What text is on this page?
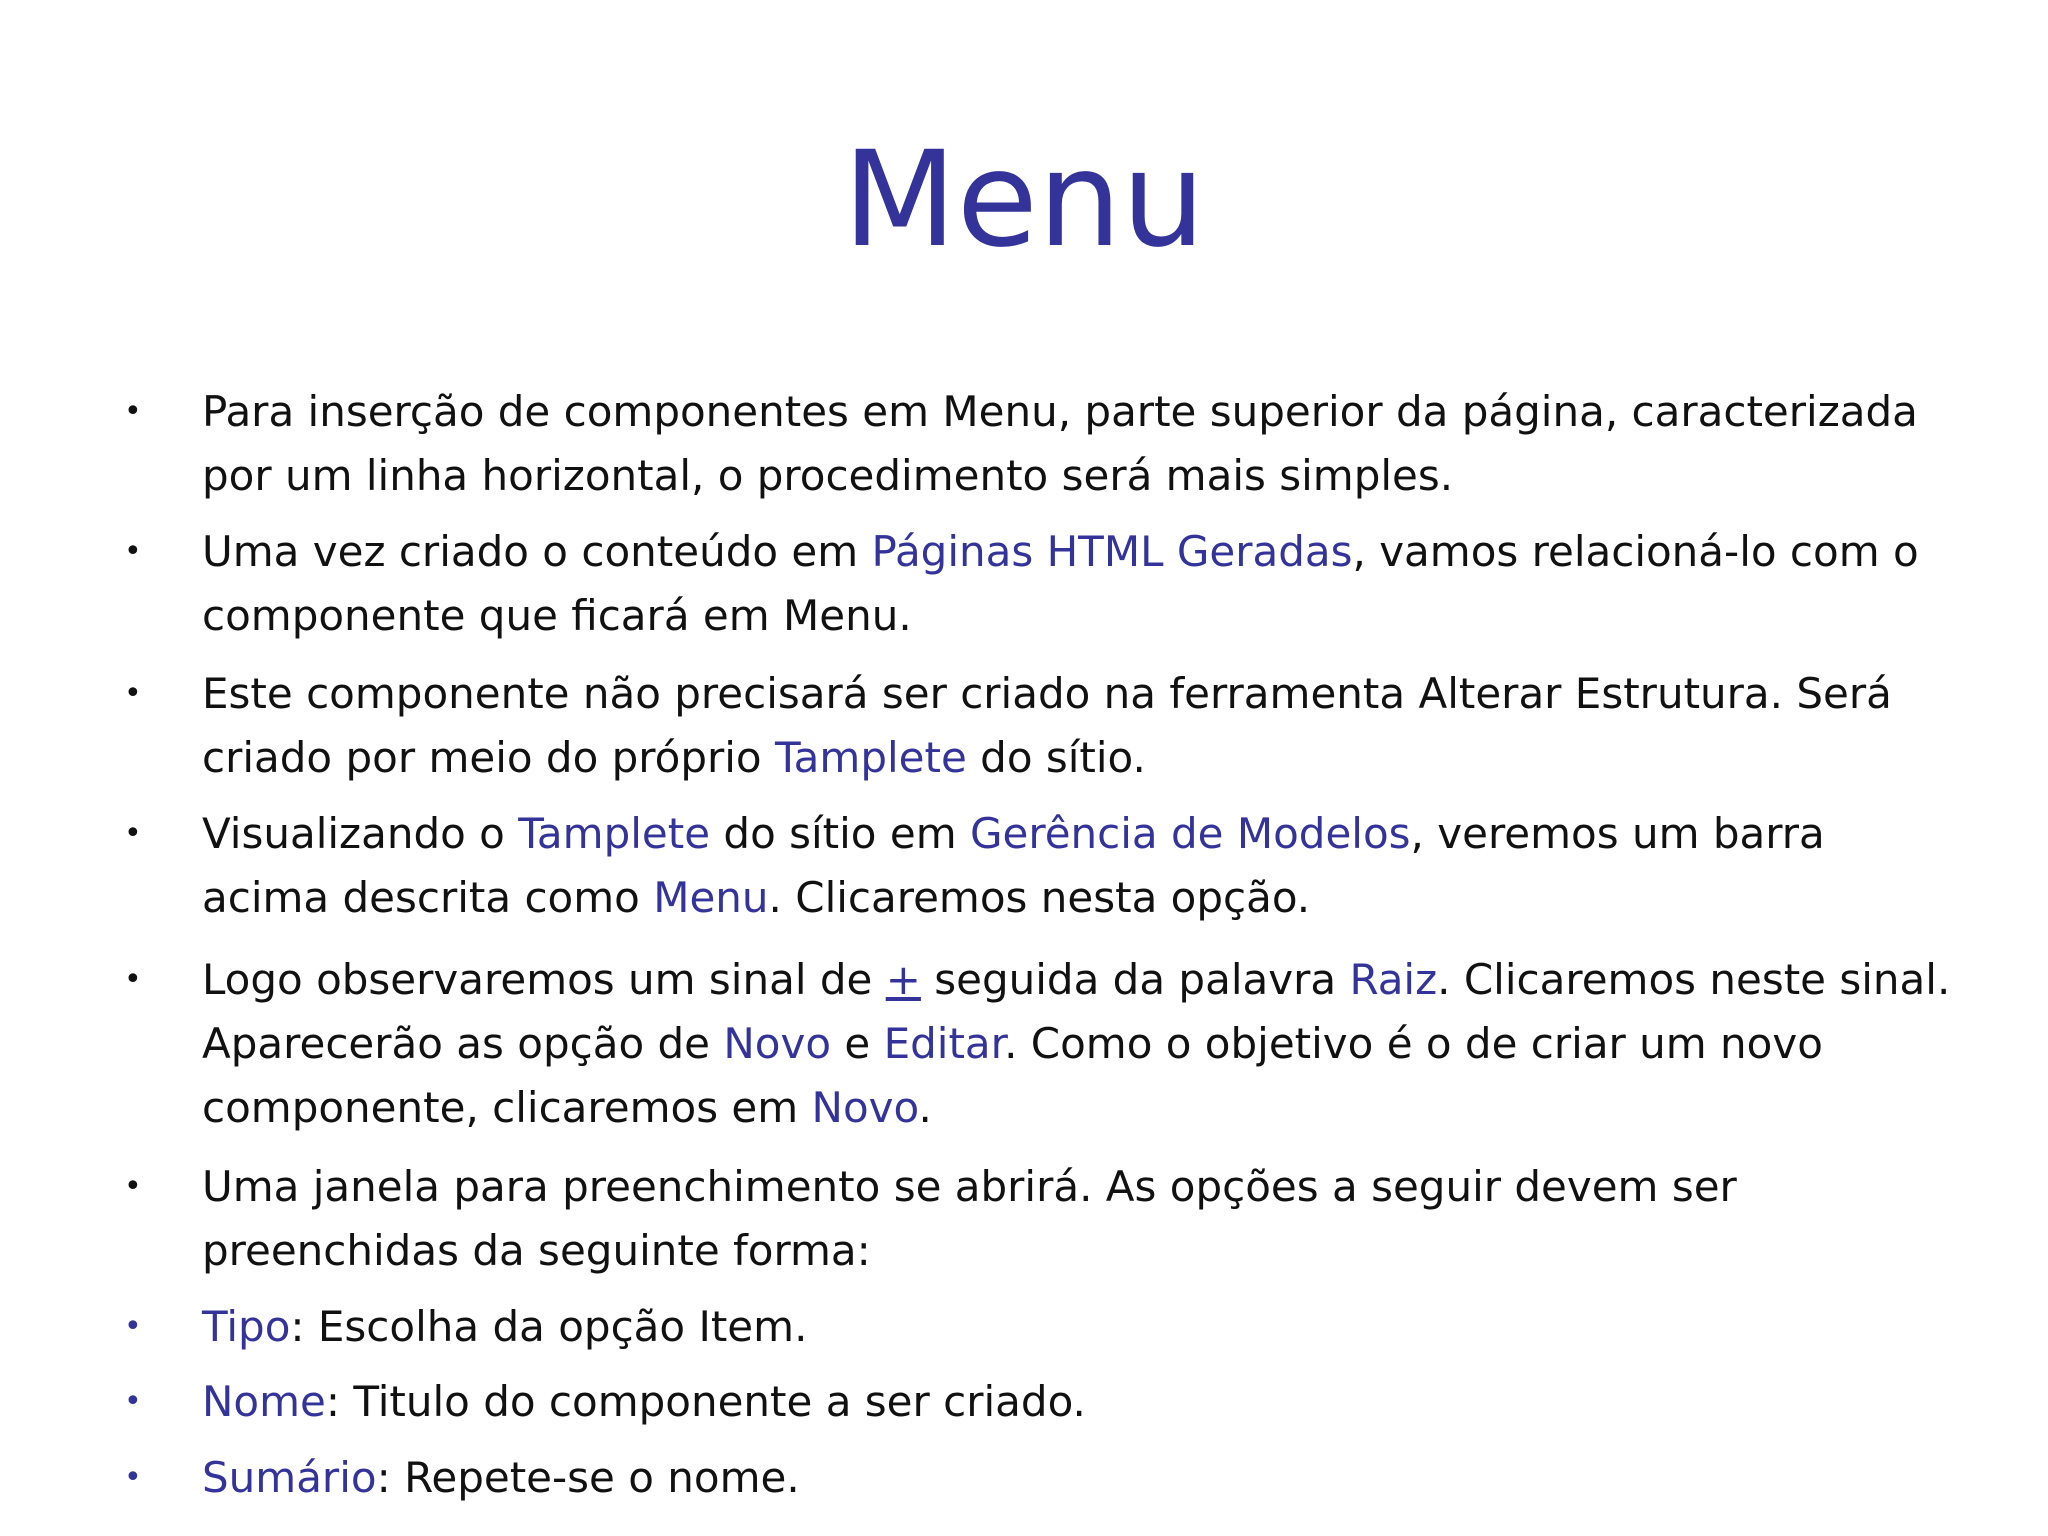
Menu
• Para inserção de componentes em Menu, parte superior da página, caracterizada
por um linha horizontal, o procedimento será mais simples.
• Uma vez criado o conteúdo em Páginas HTML Geradas, vamos relacioná-lo com o
componente que ficará em Menu.
• Este componente não precisará ser criado na ferramenta Alterar Estrutura. Será
criado por meio do próprio Tamplete do sítio.
• Visualizando o Tamplete do sítio em Gerência de Modelos, veremos um barra
acima descrita como Menu. Clicaremos nesta opção.
• Logo observaremos um sinal de + seguida da palavra Raiz. Clicaremos neste sinal.
Aparecerão as opção de Novo e Editar. Como o objetivo é o de criar um novo
componente, clicaremos em Novo.
• Uma janela para preenchimento se abrirá. As opções a seguir devem ser
preenchidas da seguinte forma:
• Tipo: Escolha da opção Item.
• Nome: Titulo do componente a ser criado.
• Sumário: Repete-se o nome.
